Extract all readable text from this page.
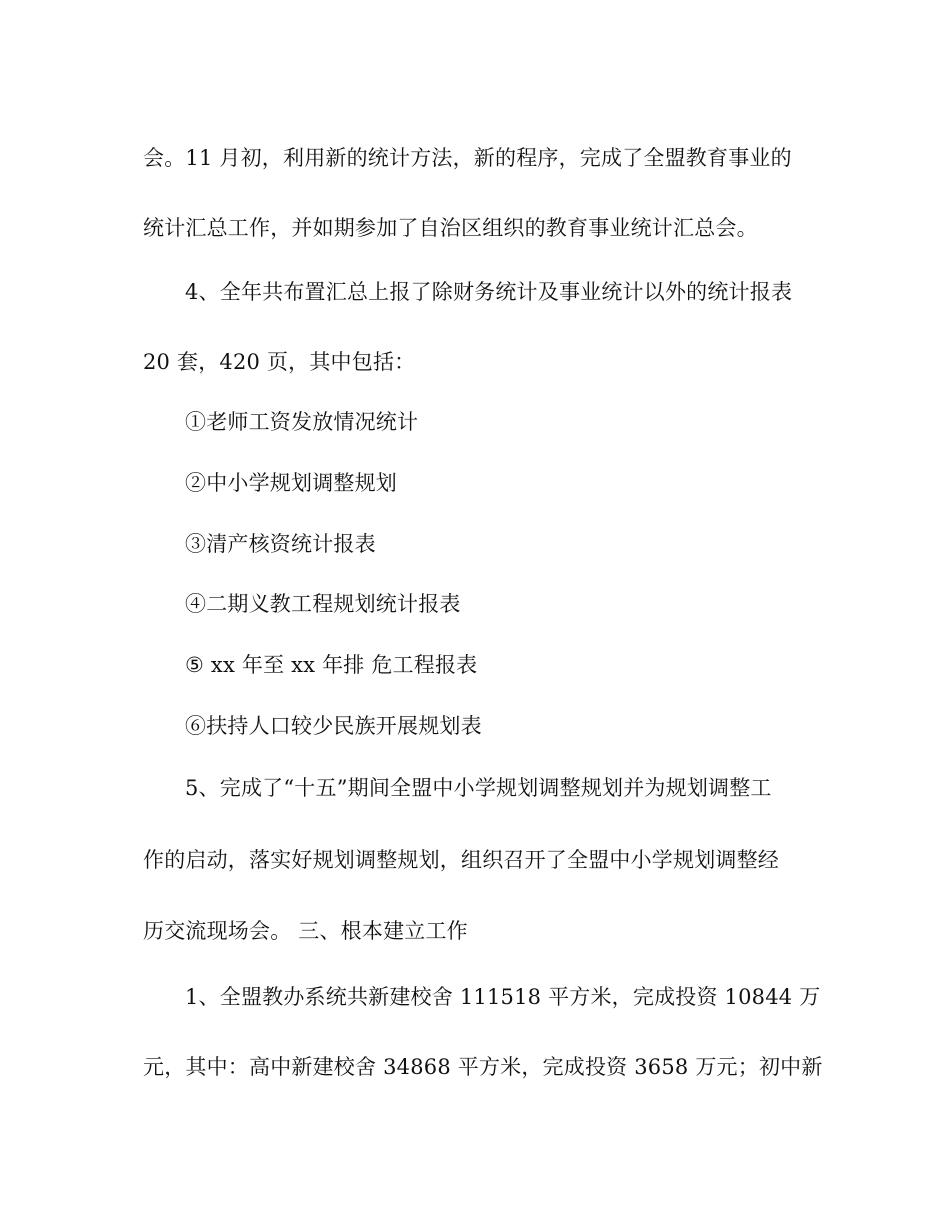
会。11 月初，利用新的统计方法，新的程序，完成了全盟教育事业的
统计汇总工作，并如期参加了自治区组织的教育事业统计汇总会。
4、全年共布置汇总上报了除财务统计及事业统计以外的统计报表
20 套，420 页，其中包括：
①老师工资发放情况统计
②中小学规划调整规划
③清产核资统计报表
④二期义教工程规划统计报表
⑤ xx 年至 xx 年排 危工程报表
⑥扶持人口较少民族开展规划表
5、完成了“十五”期间全盟中小学规划调整规划并为规划调整工
作的启动，落实好规划调整规划，组织召开了全盟中小学规划调整经
历交流现场会。 三、根本建立工作
1、全盟教办系统共新建校舍 111518 平方米，完成投资 10844 万
元，其中：高中新建校舍 34868 平方米，完成投资 3658 万元；初中新
